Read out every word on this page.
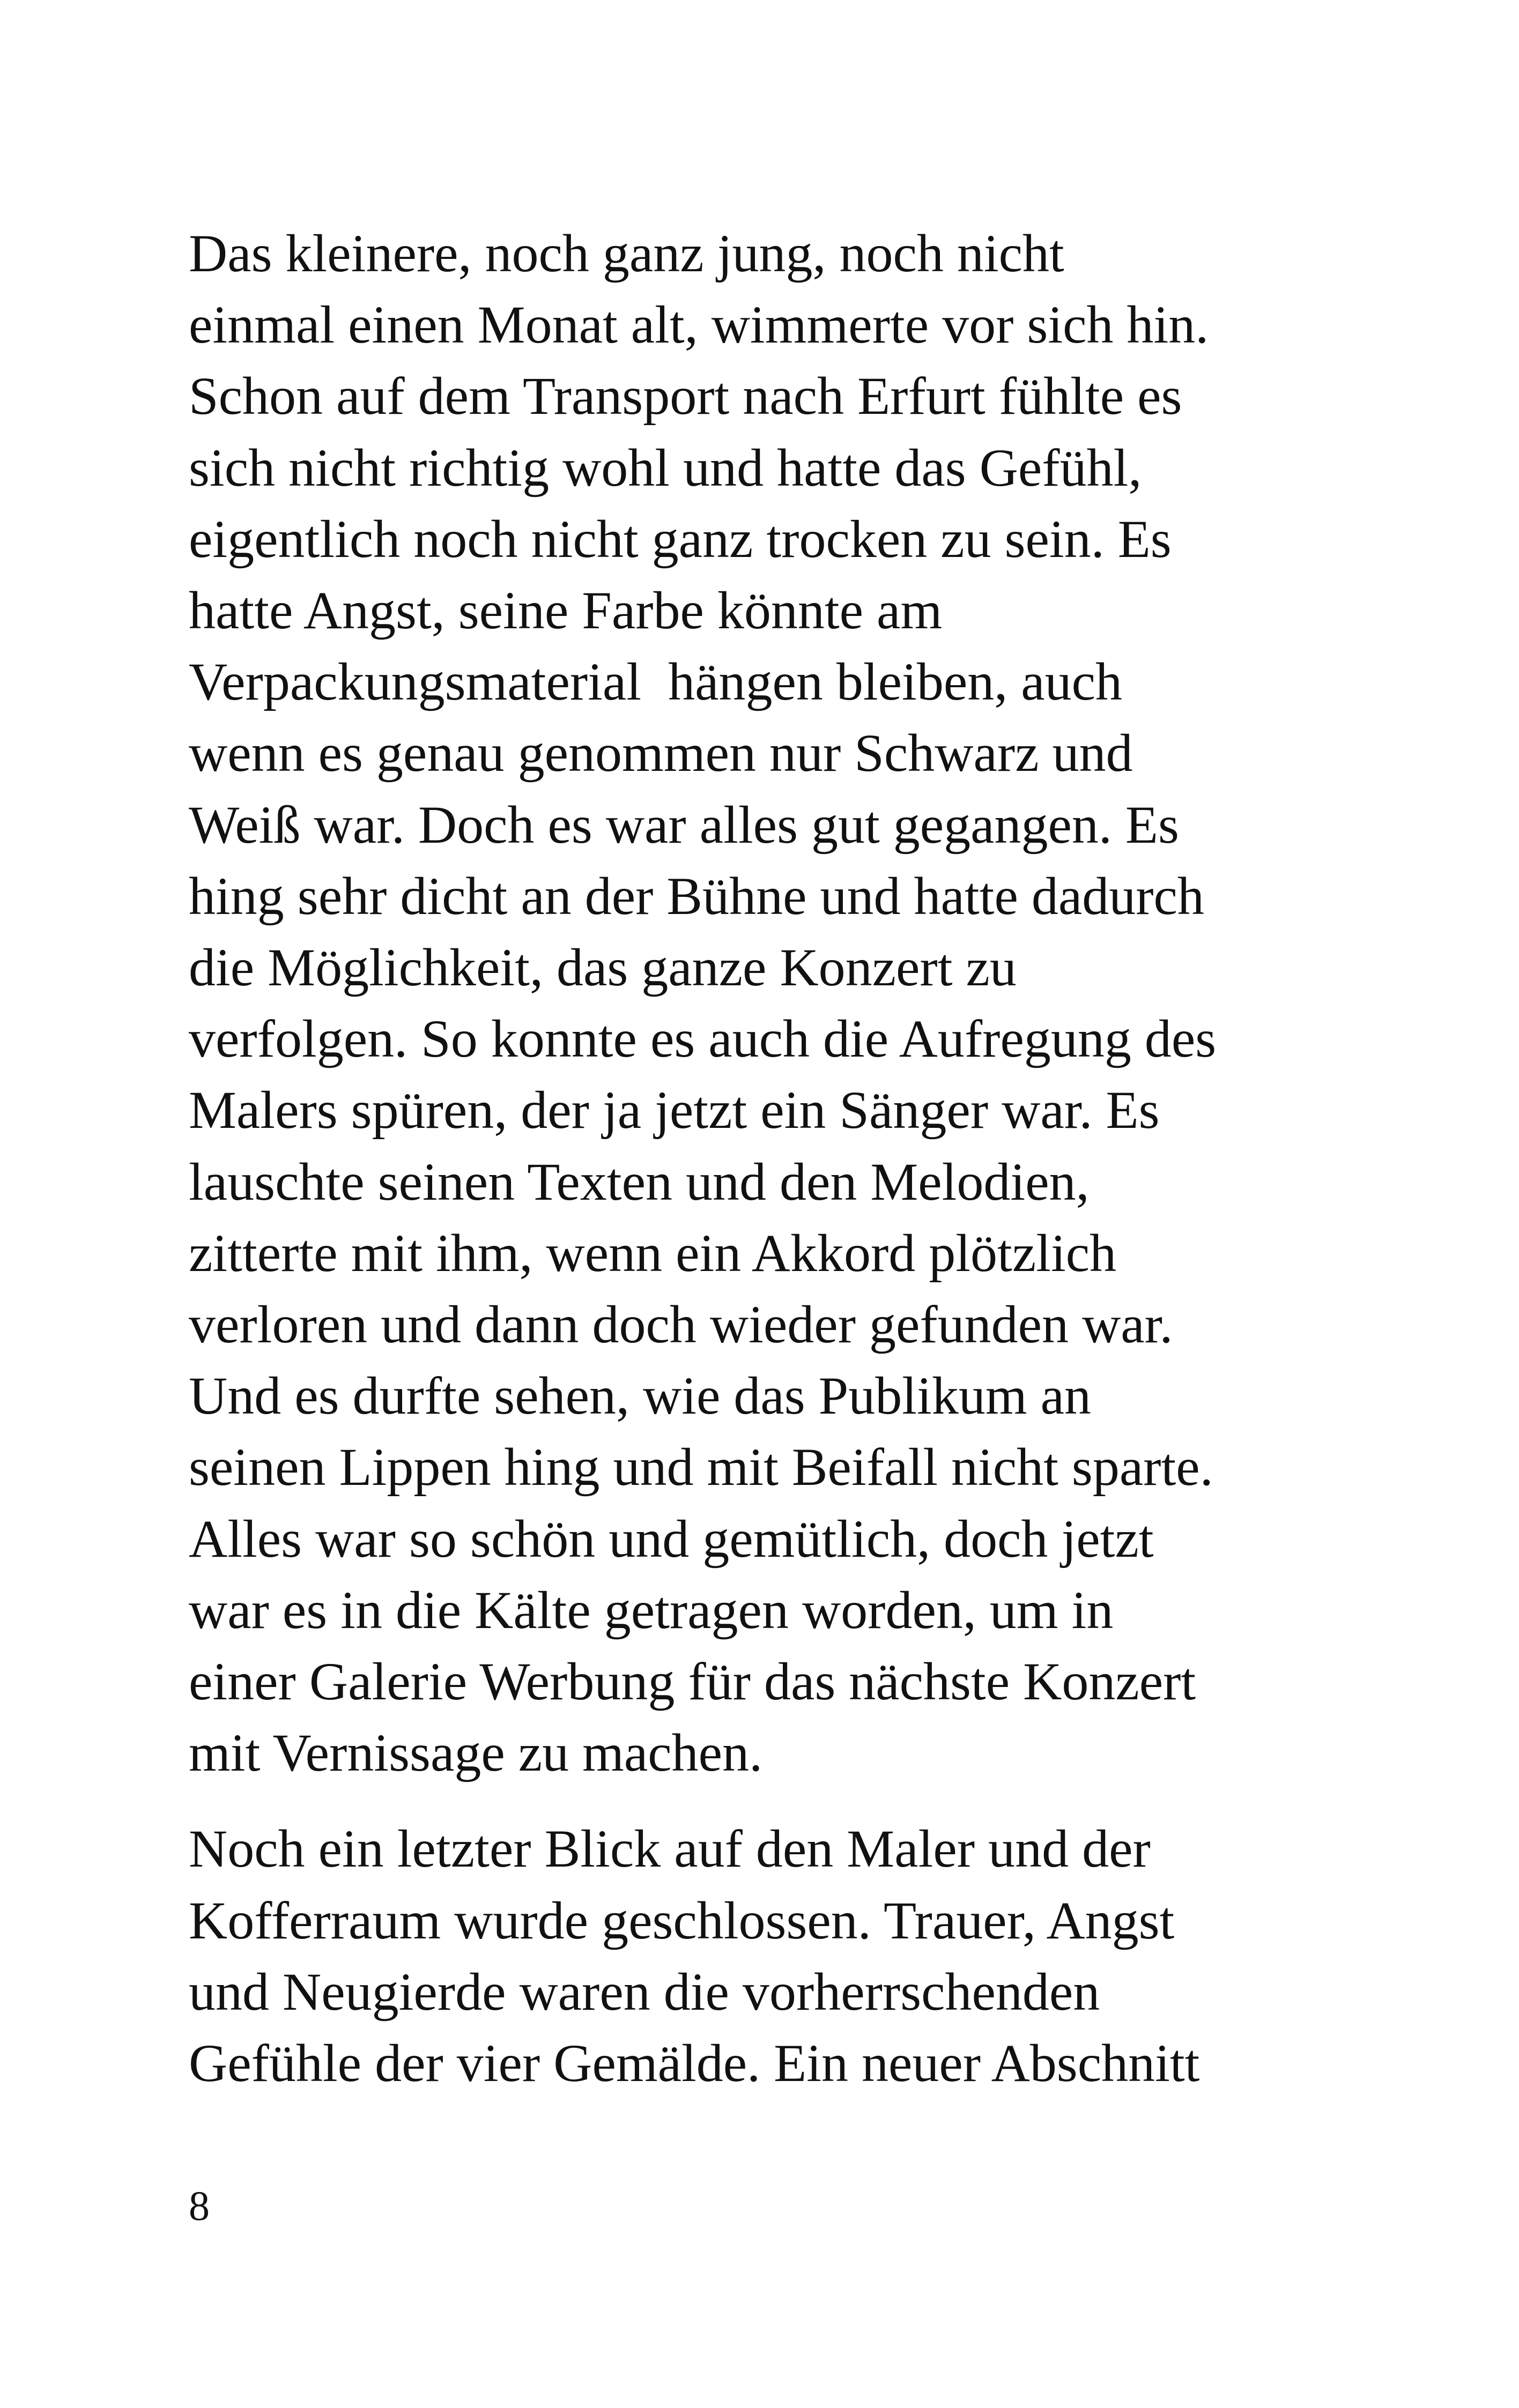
Das kleinere, noch ganz jung, noch nicht
einmal einen Monat alt, wimmerte vor sich hin.
Schon auf dem Transport nach Erfurt fühlte es
sich nicht richtig wohl und hatte das Gefühl,
eigentlich noch nicht ganz trocken zu sein. Es
hatte Angst, seine Farbe könnte am
Verpackungsmaterial  hängen bleiben, auch
wenn es genau genommen nur Schwarz und
Weiß war. Doch es war alles gut gegangen. Es
hing sehr dicht an der Bühne und hatte dadurch
die Möglichkeit, das ganze Konzert zu
verfolgen. So konnte es auch die Aufregung des
Malers spüren, der ja jetzt ein Sänger war. Es
lauschte seinen Texten und den Melodien,
zitterte mit ihm, wenn ein Akkord plötzlich
verloren und dann doch wieder gefunden war.
Und es durfte sehen, wie das Publikum an
seinen Lippen hing und mit Beifall nicht sparte.
Alles war so schön und gemütlich, doch jetzt
war es in die Kälte getragen worden, um in
einer Galerie Werbung für das nächste Konzert
mit Vernissage zu machen.

Noch ein letzter Blick auf den Maler und der
Kofferraum wurde geschlossen. Trauer, Angst
und Neugierde waren die vorherrschenden
Gefühle der vier Gemälde. Ein neuer Abschnitt

8
